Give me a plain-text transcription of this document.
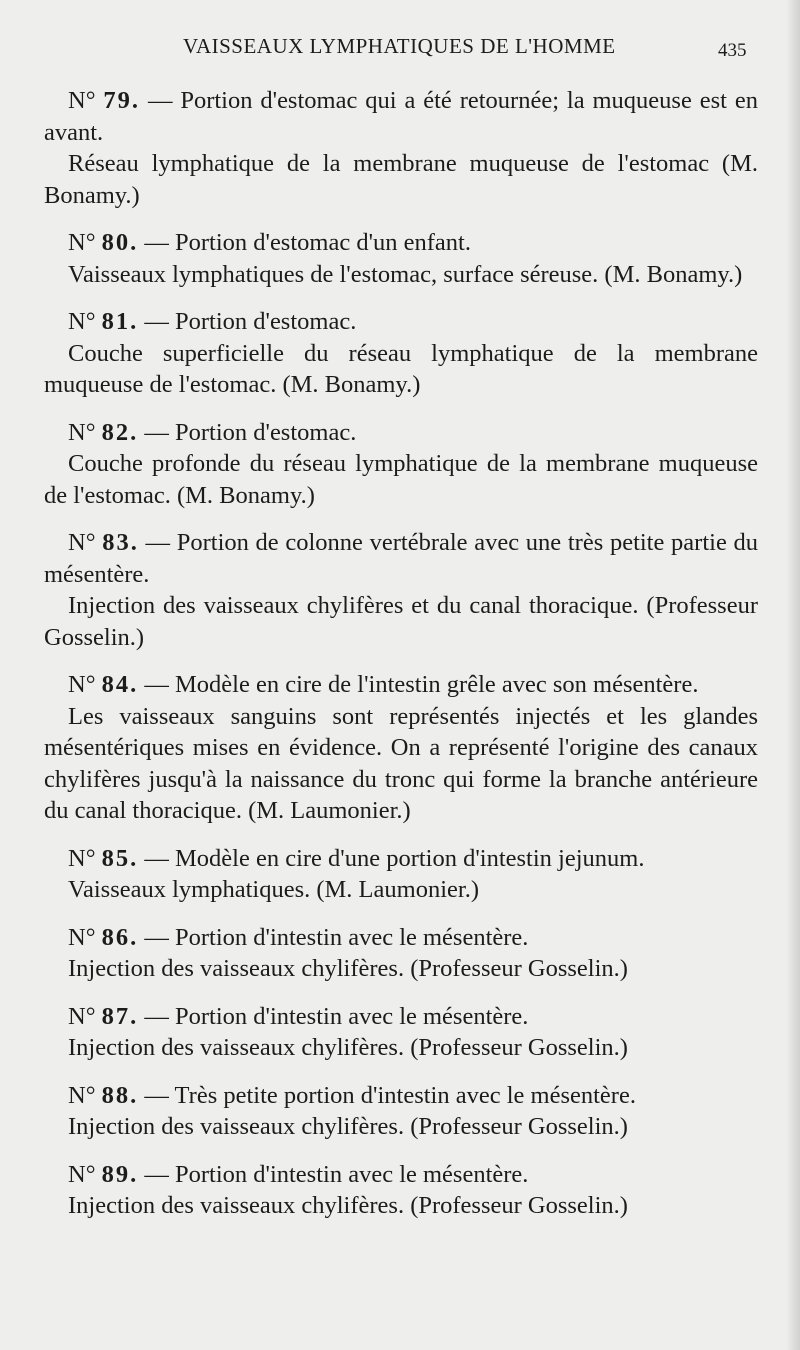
VAISSEAUX LYMPHATIQUES DE L'HOMME	435
N° 79. — Portion d'estomac qui a été retournée; la muqueuse est en avant.
Réseau lymphatique de la membrane muqueuse de l'estomac (M. Bonamy.)
N° 80. — Portion d'estomac d'un enfant.
Vaisseaux lymphatiques de l'estomac, surface séreuse. (M. Bonamy.)
N° 81. — Portion d'estomac.
Couche superficielle du réseau lymphatique de la membrane muqueuse de l'estomac. (M. Bonamy.)
N° 82. — Portion d'estomac.
Couche profonde du réseau lymphatique de la membrane muqueuse de l'estomac. (M. Bonamy.)
N° 83. — Portion de colonne vertébrale avec une très petite partie du mésentère.
Injection des vaisseaux chylifères et du canal thoracique. (Professeur Gosselin.)
N° 84. — Modèle en cire de l'intestin grêle avec son mésentère.
Les vaisseaux sanguins sont représentés injectés et les glandes mésentériques mises en évidence. On a représenté l'origine des canaux chylifères jusqu'à la naissance du tronc qui forme la branche antérieure du canal thoracique. (M. Laumonier.)
N° 85. — Modèle en cire d'une portion d'intestin jejunum.
Vaisseaux lymphatiques. (M. Laumonier.)
N° 86. — Portion d'intestin avec le mésentère.
Injection des vaisseaux chylifères. (Professeur Gosselin.)
N° 87. — Portion d'intestin avec le mésentère.
Injection des vaisseaux chylifères. (Professeur Gosselin.)
N° 88. — Très petite portion d'intestin avec le mésentère.
Injection des vaisseaux chylifères. (Professeur Gosselin.)
N° 89. — Portion d'intestin avec le mésentère.
Injection des vaisseaux chylifères. (Professeur Gosselin.)
